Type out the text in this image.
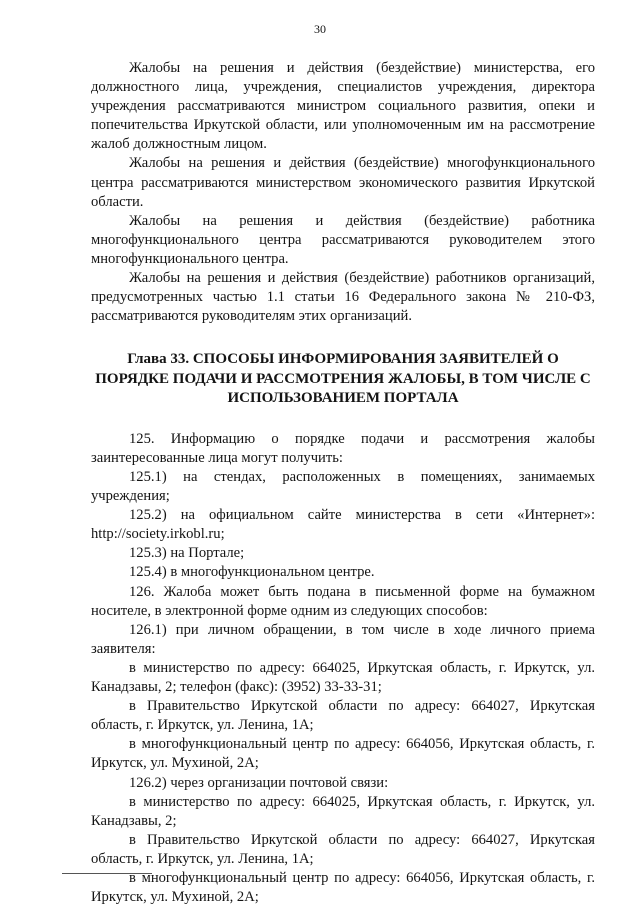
30

Жалобы на решения и действия (бездействие) министерства, его должностного лица, учреждения, специалистов учреждения, директора учреждения рассматриваются министром социального развития, опеки и попечительства Иркутской области, или уполномоченным им на рассмотрение жалоб должностным лицом.

Жалобы на решения и действия (бездействие) многофункционального центра рассматриваются министерством экономического развития Иркутской области.

Жалобы на решения и действия (бездействие) работника многофункционального центра рассматриваются руководителем этого многофункционального центра.

Жалобы на решения и действия (бездействие) работников организаций, предусмотренных частью 1.1 статьи 16 Федерального закона № 210-ФЗ, рассматриваются руководителям этих организаций.

Глава 33. СПОСОБЫ ИНФОРМИРОВАНИЯ ЗАЯВИТЕЛЕЙ О ПОРЯДКЕ ПОДАЧИ И РАССМОТРЕНИЯ ЖАЛОБЫ, В ТОМ ЧИСЛЕ С ИСПОЛЬЗОВАНИЕМ ПОРТАЛА

125. Информацию о порядке подачи и рассмотрения жалобы заинтересованные лица могут получить:

125.1) на стендах, расположенных в помещениях, занимаемых учреждения;

125.2) на официальном сайте министерства в сети «Интернет»: http://society.irkobl.ru;

125.3) на Портале;

125.4) в многофункциональном центре.

126. Жалоба может быть подана в письменной форме на бумажном носителе, в электронной форме одним из следующих способов:

126.1) при личном обращении, в том числе в ходе личного приема заявителя:

в министерство по адресу: 664025, Иркутская область, г. Иркутск, ул. Канадзавы, 2; телефон (факс): (3952) 33-33-31;

в Правительство Иркутской области по адресу: 664027, Иркутская область, г. Иркутск, ул. Ленина, 1А;

в многофункциональный центр по адресу: 664056, Иркутская область, г. Иркутск, ул. Мухиной, 2А;

126.2) через организации почтовой связи:

в министерство по адресу: 664025, Иркутская область, г. Иркутск, ул. Канадзавы, 2;

в Правительство Иркутской области по адресу: 664027, Иркутская область, г. Иркутск, ул. Ленина, 1А;

в многофункциональный центр по адресу: 664056, Иркутская область, г. Иркутск, ул. Мухиной, 2А;
